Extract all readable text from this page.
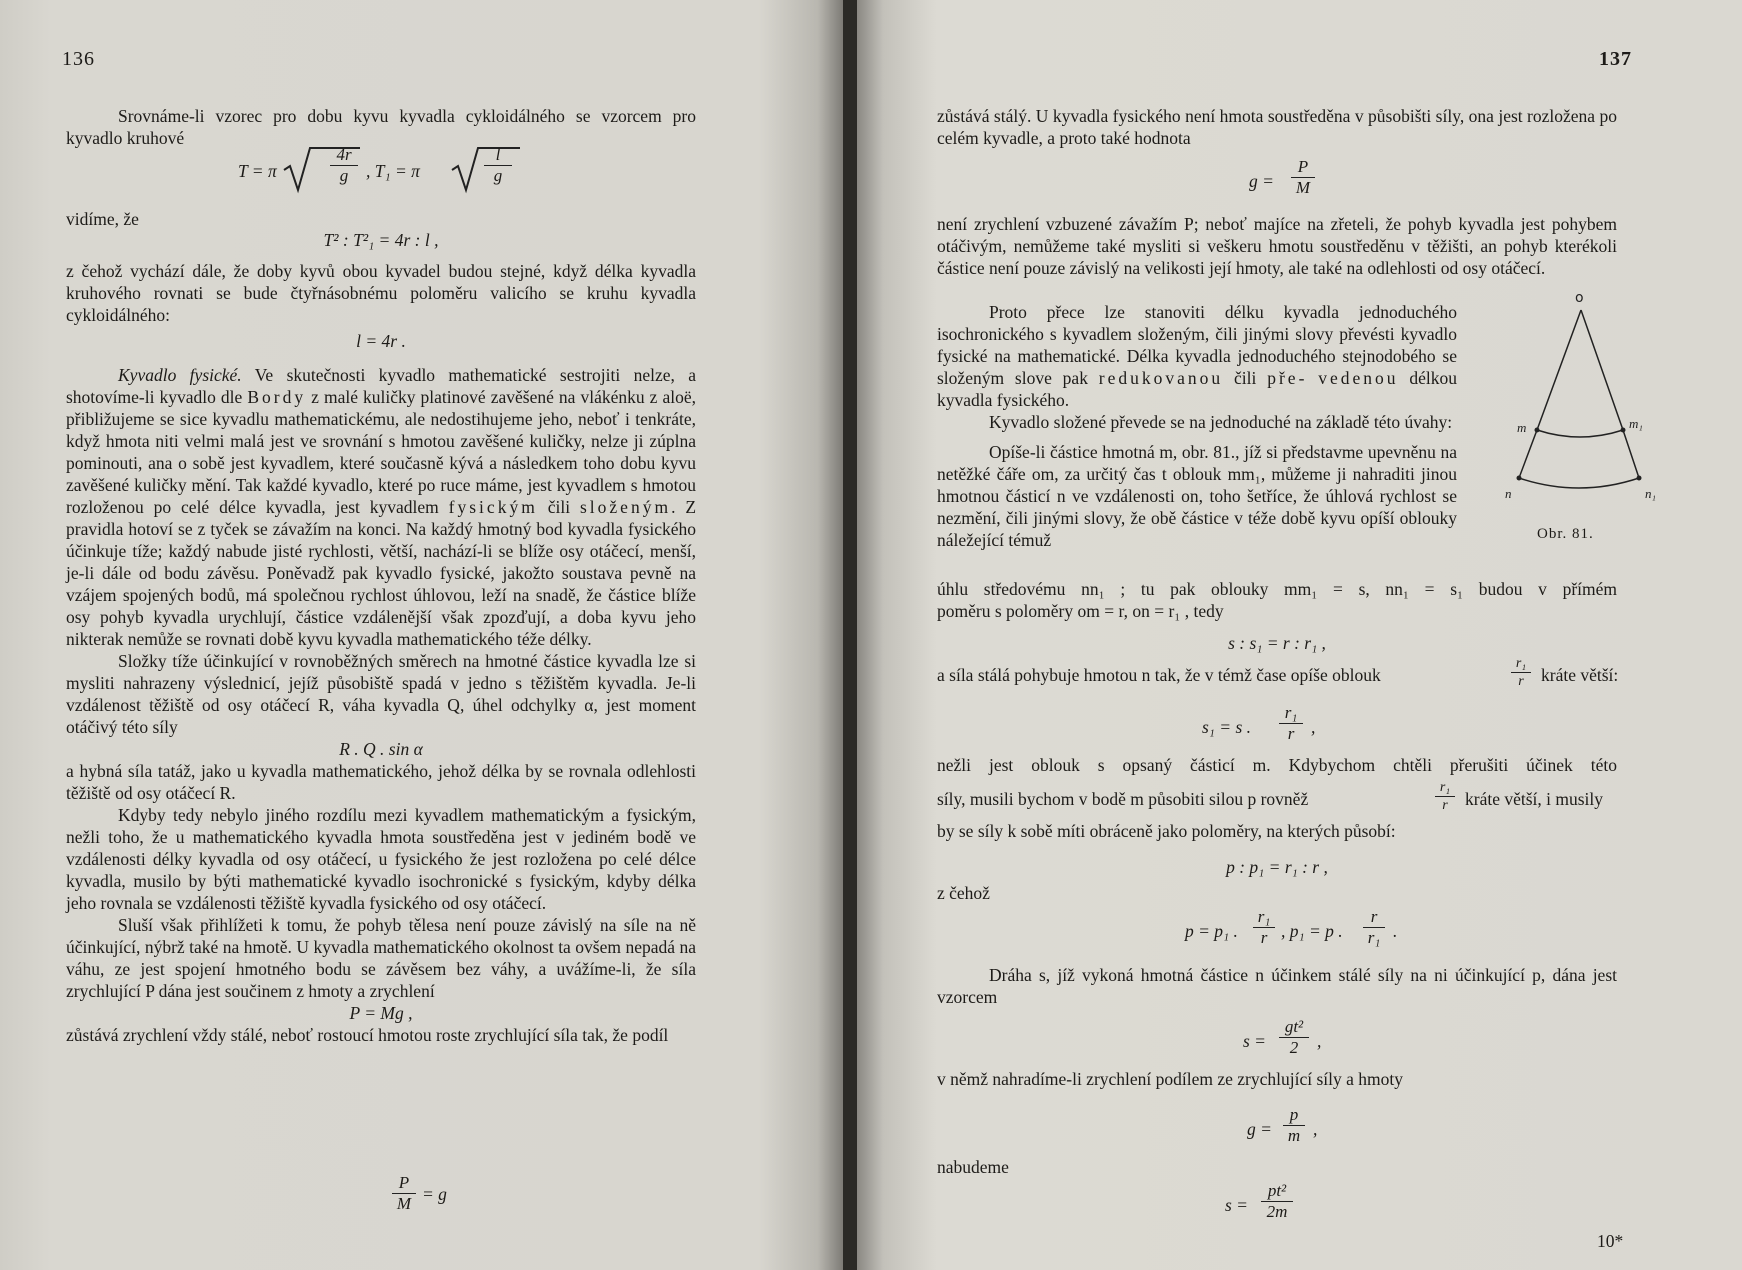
136
Srovnáme-li vzorec pro dobu kyvu kyvadla cykloidálného se vzorcem pro kyvadlo kruhové
T = π
4r
g	, T₁ = π
l
g
vidíme, že
T² : T²₁ = 4r : l ,

z čehož vychází dále, že doby kyvů obou kyvadel budou stejné, když délka kyvadla kruhového rovnati se bude čtyřnásobnému poloměru valicího se kruhu kyvadla cykloidálného:

l = 4r .

Kyvadlo fysické. Ve skutečnosti kyvadlo mathematické sestrojiti nelze, a shotovíme-li kyvadlo dle Bordy z malé kuličky platinové zavěšené na vlákénku z aloë, přibližujeme se sice kyvadlu mathematickému, ale nedostihujeme jeho, neboť i tenkráte, když hmota niti velmi malá jest ve srovnání s hmotou zavěšené kuličky, nelze ji zúplna pominouti, ana o sobě jest kyvadlem, které současně kývá a následkem toho dobu kyvu zavěšené kuličky mění. Tak každé kyvadlo, které po ruce máme, jest kyvadlem s hmotou rozloženou po celé délce kyvadla, jest kyvadlem fysickým čili složeným. Z pravidla hotoví se z tyček se závažím na konci. Na každý hmotný bod kyvadla fysického účinkuje tíže; každý nabude jisté rychlosti, větší, nachází-li se blíže osy otáčecí, menší, je-li dále od bodu závěsu. Poněvadž pak kyvadlo fysické, jakožto soustava pevně na vzájem spojených bodů, má společnou rychlost úhlovou, leží na snadě, že částice blíže osy pohyb kyvadla urychlují, částice vzdálenější však zpozďují, a doba kyvu jeho nikterak nemůže se rovnati době kyvu kyvadla mathematického téže délky.

Složky tíže účinkující v rovnoběžných směrech na hmotné částice kyvadla lze si mysliti nahrazeny výslednicí, jejíž působiště spadá v jedno s těžištěm kyvadla. Je-li vzdálenost těžiště od osy otáčecí R, váha kyvadla Q, úhel odchylky α, jest moment otáčivý této síly

R . Q . sin α

a hybná síla tatáž, jako u kyvadla mathematického, jehož délka by se rovnala odlehlosti těžiště od osy otáčecí R.

Kdyby tedy nebylo jiného rozdílu mezi kyvadlem mathematickým a fysickým, nežli toho, že u mathematického kyvadla hmota soustředěna jest v jediném bodě ve vzdálenosti délky kyvadla od osy otáčecí, u fysického že jest rozložena po celé délce kyvadla, musilo by býti mathematické kyvadlo isochronické s fysickým, kdyby délka jeho rovnala se vzdálenosti těžiště kyvadla fysického od osy otáčecí.

Sluší však přihlížeti k tomu, že pohyb tělesa není pouze závislý na síle na ně účinkující, nýbrž také na hmotě. U kyvadla mathematického okolnost ta ovšem nepadá na váhu, ze jest spojení hmotného bodu se závěsem bez váhy, a uvážíme-li, že síla zrychlující P dána jest součinem z hmoty a zrychlení

P = Mg ,

zůstává zrychlení vždy stálé, neboť rostoucí hmotou roste zrychlující síla tak, že podíl

P
M = g
137

zůstává stálý. U kyvadla fysického není hmota soustředěna v působišti síly, ona jest rozložena po celém kyvadle, a proto také hodnota

g =
P
M

není zrychlení vzbuzené závažím P; neboť majíce na zřeteli, že pohyb kyvadla jest pohybem otáčivým, nemůžeme také mysliti si veškeru hmotu soustředěnu v těžišti, an pohyb kterékoli částice není pouze závislý na velikosti její hmoty, ale také na odlehlosti od osy otáčecí.

Proto přece lze stanoviti délku kyvadla jednoduchého isochronického s kyvadlem složeným, čili jinými slovy převésti kyvadlo fysické na mathematické. Délka kyvadla jednoduchého stejnodobého se složeným slove pak redukovanou čili pře- vedenou délkou kyvadla fysického.

Kyvadlo složené převede se na jednoduché na základě této úvahy:

Opíše-li částice hmotná m, obr. 81., jíž si představme upevněnu na netěžké čáře om, za určitý čas t oblouk mm₁, můžeme ji nahraditi jinou hmotnou částicí n ve vzdálenosti on, toho šetříce, že úhlová rychlost se nezmění, čili jinými slovy, že obě částice v téže době kyvu opíší oblouky náležející témuž

o
m	m₁
n	n₁
Obr. 81.
úhlu středovému nn₁ ; tu pak oblouky mm₁ = s, nn₁ = s₁ budou v přímém
poměru s poloměry om = r, on = r₁ , tedy
s : s₁ = r : r₁ ,
a síla stálá pohybuje hmotou n tak, že v témž čase opíše oblouk
r₁
r kráte větší:
s₁ = s .
r₁
r ,
nežli jest oblouk s opsaný částicí m. Kdybychom chtěli přerušiti účinek této
síly, musili bychom v bodě m působiti silou p rovněž
r₁
r kráte větší, i musily
by se síly k sobě míti obráceně jako poloměry, na kterých působí:
p : p₁ = r₁ : r ,
z čehož
p = p₁ .
r₁
r , p₁ = p .
r
r₁ .

Dráha s, jíž vykoná hmotná částice n účinkem stálé síly na ni účinkující p, dána jest vzorcem

s =
gt²
2	,
v němž nahradíme-li zrychlení podílem ze zrychlující síly a hmoty
g =
p
m ,
nabudeme
s =
pt²
2m
10*
